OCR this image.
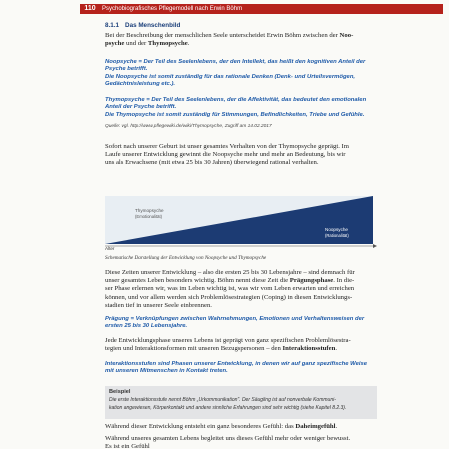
110	Psychobiografisches Pflegemodell nach Erwin Böhm
8.1.1 Das Menschenbild
Bei der Beschreibung der menschlichen Seele unterscheidet Erwin Böhm zwischen der Noo-
psyche und der Thymopsyche.
Noopsyche = Der Teil des Seelenlebens, der den Intellekt, das heißt den kognitiven Anteil der
Psyche betrifft.
Die Noopsyche ist somit zuständig für das rationale Denken (Denk- und Urteilsvermögen,
Gedächtnisleistung etc.).
Thymopsyche = Der Teil des Seelenlebens, der die Affektivität, das bedeutet den emotionalen
Anteil der Psyche betrifft.
Die Thymopsyche ist somit zuständig für Stimmungen, Befindlichkeiten, Triebe und Gefühle.
Quelle: vgl. http://www.pflegewiki.de/wiki/Thymopsyche, Zugriff am 14.02.2017
Sofort nach unserer Geburt ist unser gesamtes Verhalten von der Thymopsyche geprägt. Im
Laufe unserer Entwicklung gewinnt die Noopsyche mehr und mehr an Bedeutung, bis wir
uns als Erwachsene (mit etwa 25 bis 30 Jahren) überwiegend rational verhalten.
Thymopsyche
(Emotionalität)
Noopsyche
(Rationalität)
Alter
Schematische Darstellung der Entwicklung von Noopsyche und Thymopsyche
Diese Zeiten unserer Entwicklung – also die ersten 25 bis 30 Lebensjahre – sind demnach für
unser gesamtes Leben besonders wichtig. Böhm nennt diese Zeit die Prägungsphase. In die-
ser Phase erlernen wir, was im Leben wichtig ist, was wir vom Leben erwarten und erreichen
können, und vor allem werden sich Problemlösestrategien (Coping) in diesen Entwicklungs-
stadien tief in unserer Seele einbrennen.
Prägung = Verknüpfungen zwischen Wahrnehmungen, Emotionen und Verhaltensweisen der
ersten 25 bis 30 Lebensjahre.
Jede Entwicklungsphase unseres Lebens ist geprägt von ganz spezifischen Problemlösestra-
tegien und Interaktionsformen mit unseren Bezugspersonen – den Interaktionsstufen.
Interaktionsstufen sind Phasen unserer Entwicklung, in denen wir auf ganz spezifische Weise
mit unseren Mitmenschen in Kontakt treten.
Beispiel
Die erste Interaktionsstufe nennt Böhm „Urkommunikation". Der Säugling ist auf nonverbale Kommuni-
kation angewiesen, Körperkontakt und andere sinnliche Erfahrungen sind sehr wichtig (siehe Kapitel 8.2.3).
Während dieser Entwicklung entsteht ein ganz besonderes Gefühl: das Daheimgefühl.
Während unseres gesamten Lebens begleitet uns dieses Gefühl mehr oder weniger bewusst.
Es ist ein Gefühl
